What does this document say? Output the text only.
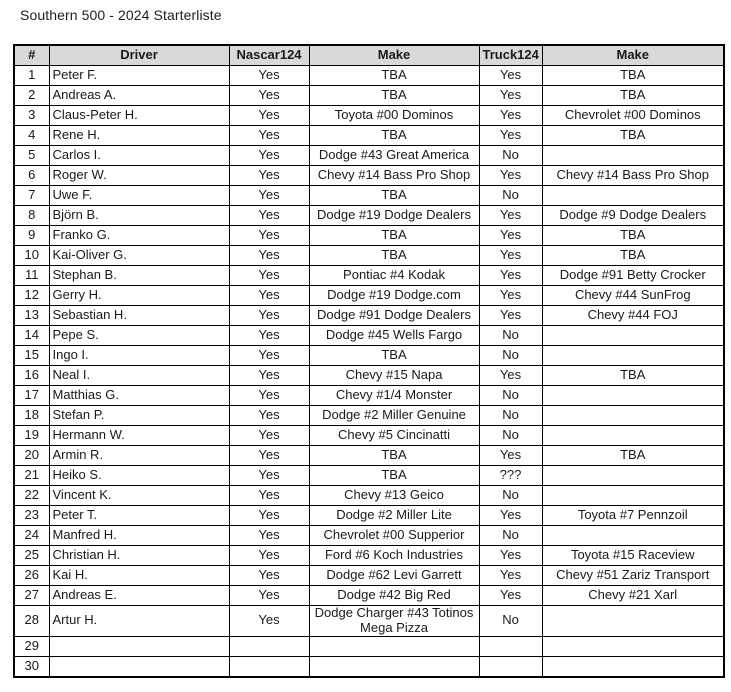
Southern 500 - 2024 Starterliste
#	Driver	Nascar124	Make	Truck124	Make
1	Peter F.	Yes	TBA	Yes	TBA
2	Andreas A.	Yes	TBA	Yes	TBA
3	Claus-Peter H.	Yes	Toyota #00 Dominos	Yes	Chevrolet #00 Dominos
4	Rene H.	Yes	TBA	Yes	TBA
5	Carlos I.	Yes	Dodge #43 Great America	No	
6	Roger W.	Yes	Chevy #14 Bass Pro Shop	Yes	Chevy #14 Bass Pro Shop
7	Uwe F.	Yes	TBA	No	
8	Björn B.	Yes	Dodge #19 Dodge Dealers	Yes	Dodge #9 Dodge Dealers
9	Franko G.	Yes	TBA	Yes	TBA
10	Kai-Oliver G.	Yes	TBA	Yes	TBA
11	Stephan B.	Yes	Pontiac #4 Kodak	Yes	Dodge #91 Betty Crocker
12	Gerry H.	Yes	Dodge #19 Dodge.com	Yes	Chevy #44 SunFrog
13	Sebastian H.	Yes	Dodge #91 Dodge Dealers	Yes	Chevy #44 FOJ
14	Pepe S.	Yes	Dodge #45 Wells Fargo	No	
15	Ingo I.	Yes	TBA	No	
16	Neal I.	Yes	Chevy #15 Napa	Yes	TBA
17	Matthias G.	Yes	Chevy #1/4 Monster	No	
18	Stefan P.	Yes	Dodge #2 Miller Genuine	No	
19	Hermann W.	Yes	Chevy #5 Cincinatti	No	
20	Armin R.	Yes	TBA	Yes	TBA
21	Heiko S.	Yes	TBA	???	
22	Vincent K.	Yes	Chevy #13 Geico	No	
23	Peter T.	Yes	Dodge #2 Miller Lite	Yes	Toyota #7 Pennzoil
24	Manfred H.	Yes	Chevrolet #00 Supperior	No	
25	Christian H.	Yes	Ford #6 Koch Industries	Yes	Toyota #15 Raceview
26	Kai H.	Yes	Dodge #62 Levi Garrett	Yes	Chevy #51 Zariz Transport
27	Andreas E.	Yes	Dodge #42 Big Red	Yes	Chevy #21 Xarl
28	Artur H.	Yes	Dodge Charger #43 Totinos Mega Pizza	No	
29					
30					
